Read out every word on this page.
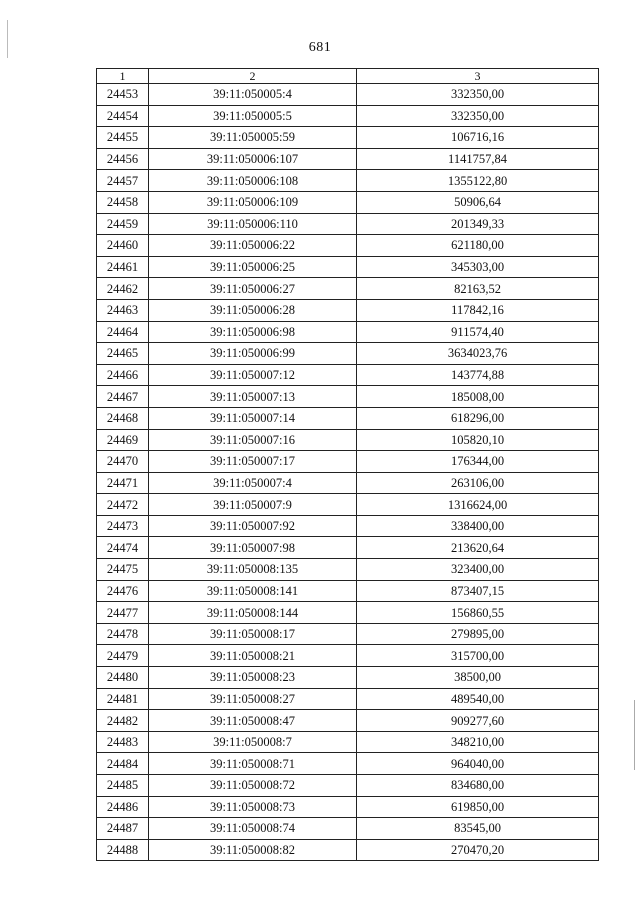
681
1	2	3
24453	39:11:050005:4	332350,00
24454	39:11:050005:5	332350,00
24455	39:11:050005:59	106716,16
24456	39:11:050006:107	1141757,84
24457	39:11:050006:108	1355122,80
24458	39:11:050006:109	50906,64
24459	39:11:050006:110	201349,33
24460	39:11:050006:22	621180,00
24461	39:11:050006:25	345303,00
24462	39:11:050006:27	82163,52
24463	39:11:050006:28	117842,16
24464	39:11:050006:98	911574,40
24465	39:11:050006:99	3634023,76
24466	39:11:050007:12	143774,88
24467	39:11:050007:13	185008,00
24468	39:11:050007:14	618296,00
24469	39:11:050007:16	105820,10
24470	39:11:050007:17	176344,00
24471	39:11:050007:4	263106,00
24472	39:11:050007:9	1316624,00
24473	39:11:050007:92	338400,00
24474	39:11:050007:98	213620,64
24475	39:11:050008:135	323400,00
24476	39:11:050008:141	873407,15
24477	39:11:050008:144	156860,55
24478	39:11:050008:17	279895,00
24479	39:11:050008:21	315700,00
24480	39:11:050008:23	38500,00
24481	39:11:050008:27	489540,00
24482	39:11:050008:47	909277,60
24483	39:11:050008:7	348210,00
24484	39:11:050008:71	964040,00
24485	39:11:050008:72	834680,00
24486	39:11:050008:73	619850,00
24487	39:11:050008:74	83545,00
24488	39:11:050008:82	270470,20
